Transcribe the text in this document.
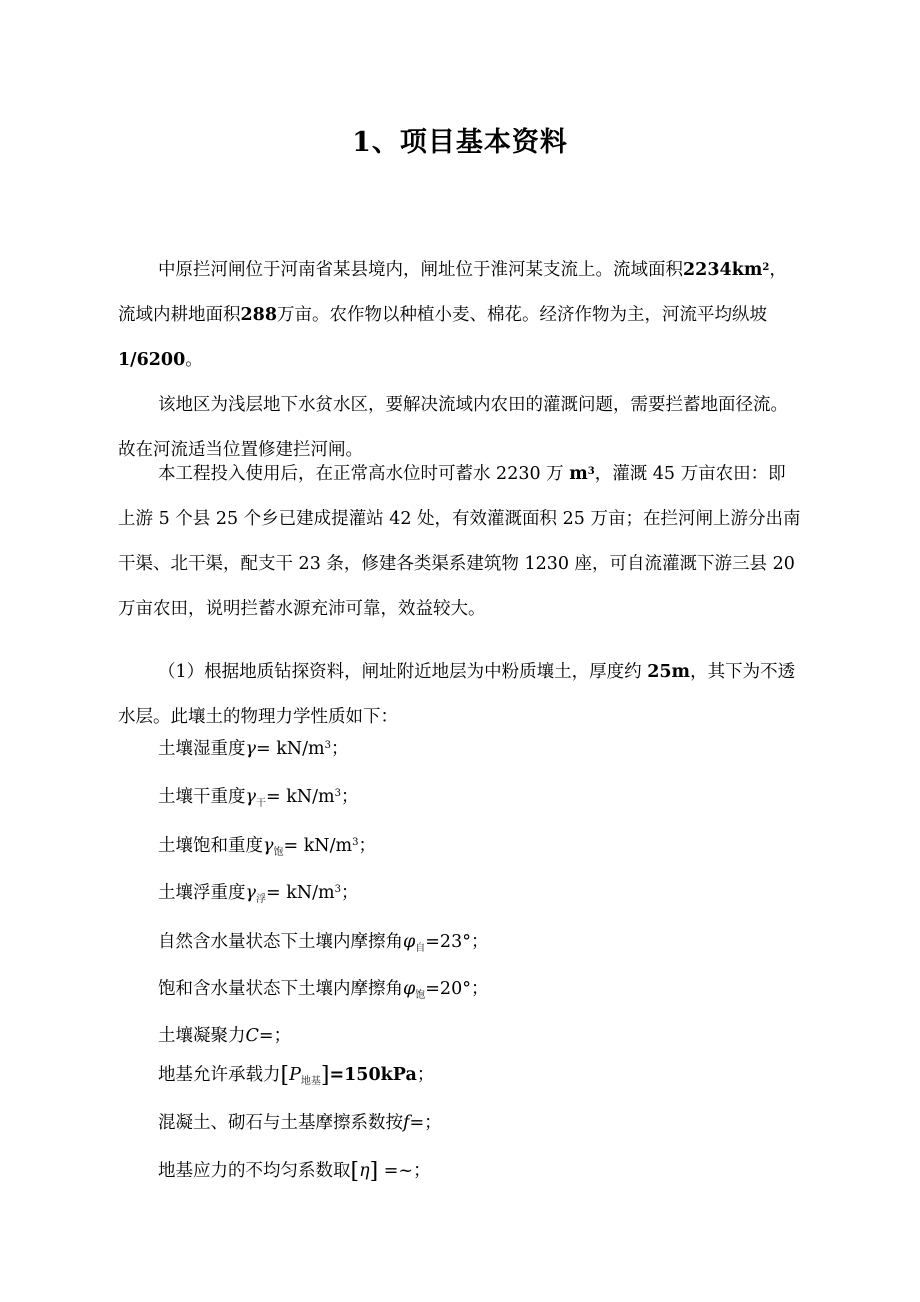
1、项目基本资料

中原拦河闸位于河南省某县境内，闸址位于淮河某支流上。流域面积$2234km^2$，流域内耕地面积288万亩。农作物以种植小麦、棉花。经济作物为主，河流平均纵坡1/6200。

该地区为浅层地下水贫水区，要解决流域内农田的灌溉问题，需要拦蓄地面径流。故在河流适当位置修建拦河闸。

本工程投入使用后，在正常高水位时可蓄水 2230 万 $m^3$，灌溉 45 万亩农田：即上游 5 个县 25 个乡已建成提灌站 42 处，有效灌溉面积 25 万亩；在拦河闸上游分出南干渠、北干渠，配支干 23 条，修建各类渠系建筑物 1230 座，可自流灌溉下游三县 20 万亩农田，说明拦蓄水源充沛可靠，效益较大。

（1）根据地质钻探资料，闸址附近地层为中粉质壤土，厚度约 25m，其下为不透水层。此壤土的物理力学性质如下：

土壤湿重度$\gamma= kN/m^3$；
土壤干重度$\gamma_干= kN/m^3$；
土壤饱和重度$\gamma_饱= kN/m^3$；
土壤浮重度$\gamma_浮= kN/m^3$；
自然含水量状态下土壤内摩擦角$\varphi_自=23^\circ$；
饱和含水量状态下土壤内摩擦角$\varphi_饱=20^\circ$；
土壤凝聚力C=；
地基允许承载力$[P_{地基}]=150kPa$；
混凝土、砌石与土基摩擦系数按f=；
地基应力的不均匀系数取[η] =~；
